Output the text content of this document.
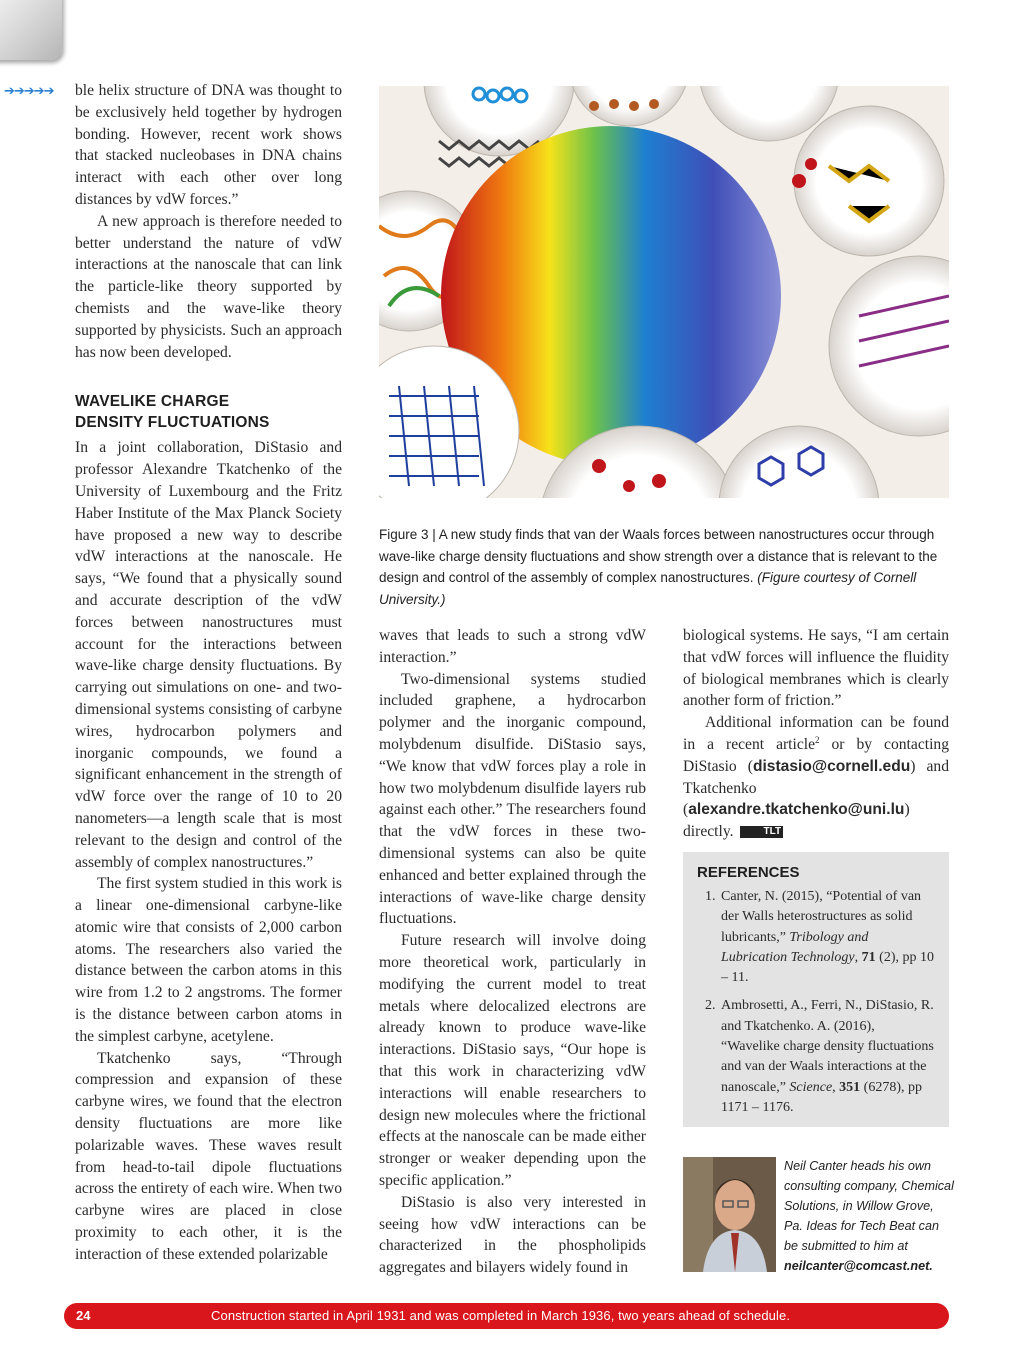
➔➔➔➔➔ ble helix structure of DNA was thought to be exclusively held together by hydrogen bonding. However, recent work shows that stacked nucleobases in DNA chains interact with each other over long distances by vdW forces.”

A new approach is therefore needed to better understand the nature of vdW interactions at the nanoscale that can link the particle-like theory supported by chemists and the wave-like theory supported by physicists. Such an approach has now been developed.

WAVELIKE CHARGE
DENSITY FLUCTUATIONS

In a joint collaboration, DiStasio and professor Alexandre Tkatchenko of the University of Luxembourg and the Fritz Haber Institute of the Max Planck Society have proposed a new way to describe vdW interactions at the nanoscale. He says, “We found that a physically sound and accurate description of the vdW forces between nanostructures must account for the interactions between wave-like charge density fluctuations. By carrying out simulations on one- and two-dimensional systems consisting of carbyne wires, hydrocarbon polymers and inorganic compounds, we found a significant enhancement in the strength of vdW force over the range of 10 to 20 nanometers—a length scale that is most relevant to the design and control of the assembly of complex nanostructures.”

The first system studied in this work is a linear one-dimensional carbyne-like atomic wire that consists of 2,000 carbon atoms. The researchers also varied the distance between the carbon atoms in this wire from 1.2 to 2 angstroms. The former is the distance between carbon atoms in the simplest carbyne, acetylene.

Tkatchenko says, “Through compression and expansion of these carbyne wires, we found that the electron density fluctuations are more like polarizable waves. These waves result from head-to-tail dipole fluctuations across the entirety of each wire. When two carbyne wires are placed in close proximity to each other, it is the interaction of these extended polarizable

Figure 3 | A new study finds that van der Waals forces between nanostructures occur through wave-like charge density fluctuations and show strength over a distance that is relevant to the design and control of the assembly of complex nanostructures. (Figure courtesy of Cornell University.)

waves that leads to such a strong vdW interaction.”

Two-dimensional systems studied included graphene, a hydrocarbon polymer and the inorganic compound, molybdenum disulfide. DiStasio says, “We know that vdW forces play a role in how two molybdenum disulfide layers rub against each other.” The researchers found that the vdW forces in these two-dimensional systems can also be quite enhanced and better explained through the interactions of wave-like charge density fluctuations.

Future research will involve doing more theoretical work, particularly in modifying the current model to treat metals where delocalized electrons are already known to produce wave-like interactions. DiStasio says, “Our hope is that this work in characterizing vdW interactions will enable researchers to design new molecules where the frictional effects at the nanoscale can be made either stronger or weaker depending upon the specific application.”

DiStasio is also very interested in seeing how vdW interactions can be characterized in the phospholipids aggregates and bilayers widely found in

biological systems. He says, “I am certain that vdW forces will influence the fluidity of biological membranes which is clearly another form of friction.”

Additional information can be found in a recent article$^2$ or by contacting DiStasio (distasio@cornell.edu) and Tkatchenko (alexandre.tkatchenko@uni.lu) directly.	TLT

REFERENCES
1. Canter, N. (2015), “Potential of van der Walls heterostructures as solid lubricants,” Tribology and Lubrication Technology, 71 (2), pp 10 – 11.
2. Ambrosetti, A., Ferri, N., DiStasio, R. and Tkatchenko. A. (2016), “Wavelike charge density fluctuations and van der Waals interactions at the nanoscale,” Science, 351 (6278), pp 1171 – 1176.
Neil Canter heads his own consulting company, Chemical Solutions, in Willow Grove, Pa. Ideas for Tech Beat can be submitted to him at neilcanter@comcast.net.
24	Construction started in April 1931 and was completed in March 1936, two years ahead of schedule.
